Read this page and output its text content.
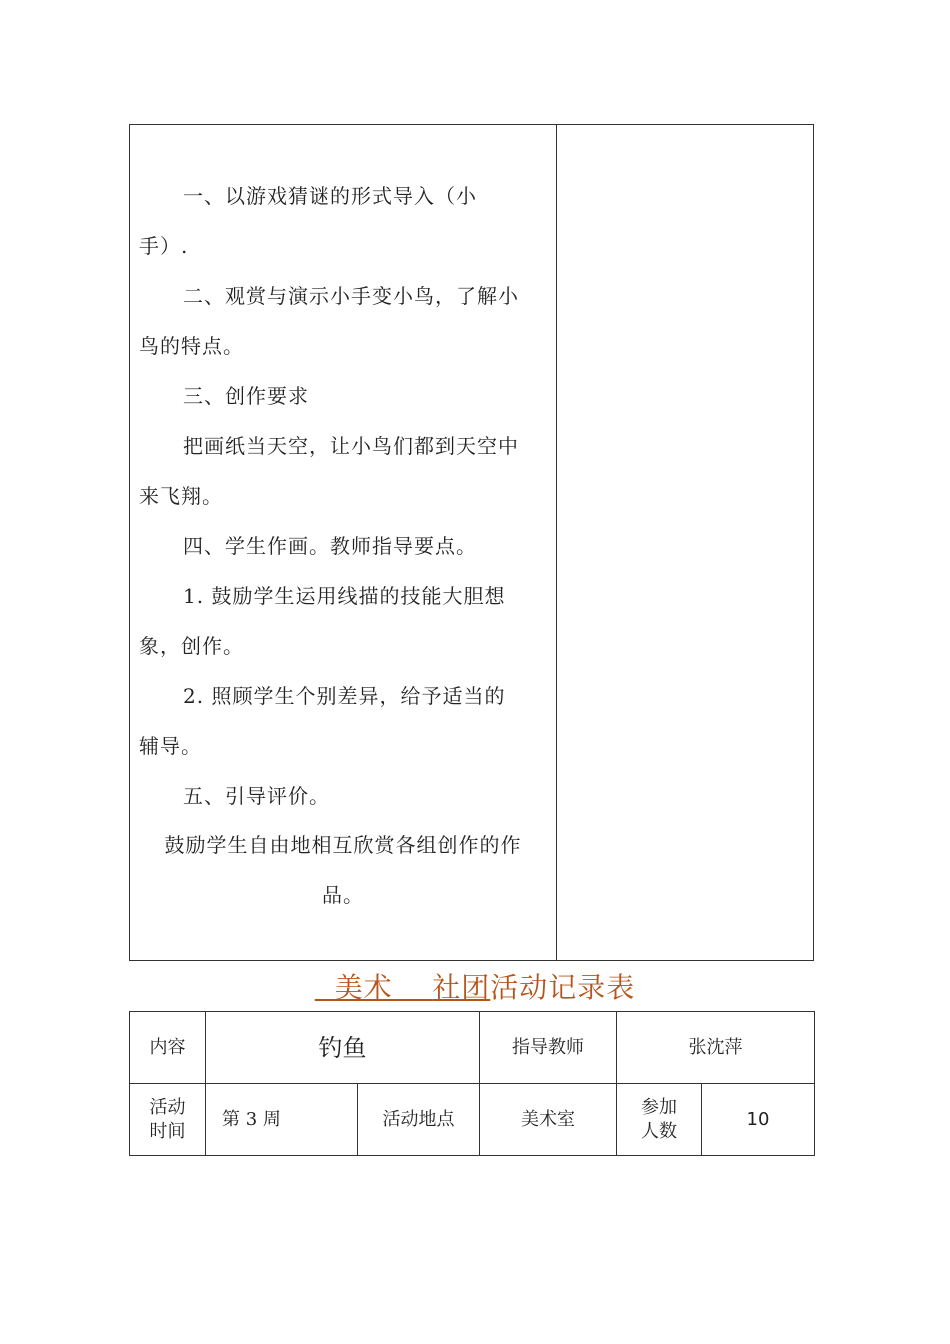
一、以游戏猜谜的形式导入（小
手）.
二、观赏与演示小手变小鸟，了解小
鸟的特点。
三、创作要求
把画纸当天空，让小鸟们都到天空中
来飞翔。
四、学生作画。教师指导要点。
1. 鼓励学生运用线描的技能大胆想
象，创作。
2. 照顾学生个别差异，给予适当的
辅导。
五、引导评价。
鼓励学生自由地相互欣赏各组创作的作
品。
美术 社团活动记录表
内容	钓鱼		指导教师	张沈萍	

活动时间	第 3 周	活动地点	美术室	参加人数	10
